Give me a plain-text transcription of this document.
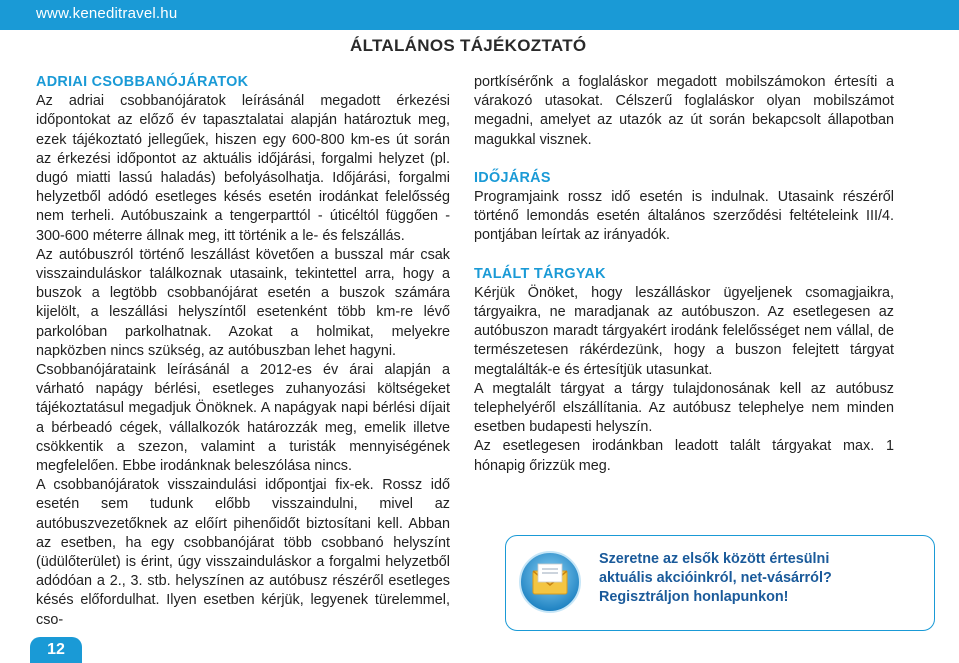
www.keneditravel.hu
ÁLTALÁNOS TÁJÉKOZTATÓ
ADRIAI CSOBBANÓJÁRATOK

Az adriai csobbanójáratok leírásánál megadott érkezési időpontokat az előző év tapasztalatai alapján határoztuk meg, ezek tájékoztató jellegűek, hiszen egy 600-800 km-es út során az érkezési időpontot az aktuális időjárási, forgalmi helyzet (pl. dugó miatti lassú haladás) befolyásolhatja. Időjárási, forgalmi helyzetből adódó esetleges késés esetén irodánkat felelősség nem terheli. Autóbuszaink a tengerparttól - úticéltól függően - 300-600 méterre állnak meg, itt történik a le- és felszállás.

Az autóbuszról történő leszállást követően a busszal már csak visszainduláskor találkoznak utasaink, tekintettel arra, hogy a buszok a legtöbb csobbanójárat esetén a buszok számára kijelölt, a leszállási helyszíntől esetenként több km-re lévő parkolóban parkolhatnak. Azokat a holmikat, melyekre napközben nincs szükség, az autóbuszban lehet hagyni.

Csobbanójárataink leírásánál a 2012-es év árai alapján a várható napágy bérlési, esetleges zuhanyozási költségeket tájékoztatásul megadjuk Önöknek. A napágyak napi bérlési díjait a bérbeadó cégek, vállalkozók határozzák meg, emelik illetve csökkentik a szezon, valamint a turisták mennyiségének megfelelően. Ebbe irodánknak beleszólása nincs.

A csobbanójáratok visszaindulási időpontjai fix-ek. Rossz idő esetén sem tudunk előbb visszaindulni, mivel az autóbuszvezetőknek az előírt pihenőidőt biztosítani kell. Abban az esetben, ha egy csobbanójárat több csobbanó helyszínt (üdülőterület) is érint, úgy visszaindulásk​or a forgalmi helyzetből adódóan a 2., 3. stb. helyszínen az autóbusz részéről esetleges késés előfordulhat. Ilyen esetben kérjük, legyenek türelemmel, cso-

portkísérőnk a foglaláskor megadott mobilszámokon értesíti a várakozó utasokat. Célszerű foglaláskor olyan mobilszámot megadni, amelyet az utazók az út során bekapcsolt állapotban magukkal visznek.

IDŐJÁRÁS

Programjaink rossz idő esetén is indulnak. Utasaink részéről történő lemondás esetén általános szerződési feltételeink III/4. pontjában leírtak az irányadók.

TALÁLT TÁRGYAK

Kérjük Önöket, hogy leszálláskor ügyeljenek csomagjaikra, tárgyaikra, ne maradjanak az autóbuszon. Az esetlegesen az autóbuszon maradt tárgyakért irodánk felelősséget nem vállal, de természetesen rákérdezünk, hogy a buszon felejtett tárgyat megtalálták-e és értesítjük utasunkat.

A megtalált tárgyat a tárgy tulajdonosának kell az autóbusz telephelyéről elszállítania. Az autóbusz telephelye nem minden esetben budapesti helyszín.

Az esetlegesen irodánkban leadott talált tárgyakat max. 1 hónapig őrizzük meg.

Szeretne az elsők között értesülni
aktuális akcióinkról, net-vásárról?
Regisztráljon honlapunkon!
12
